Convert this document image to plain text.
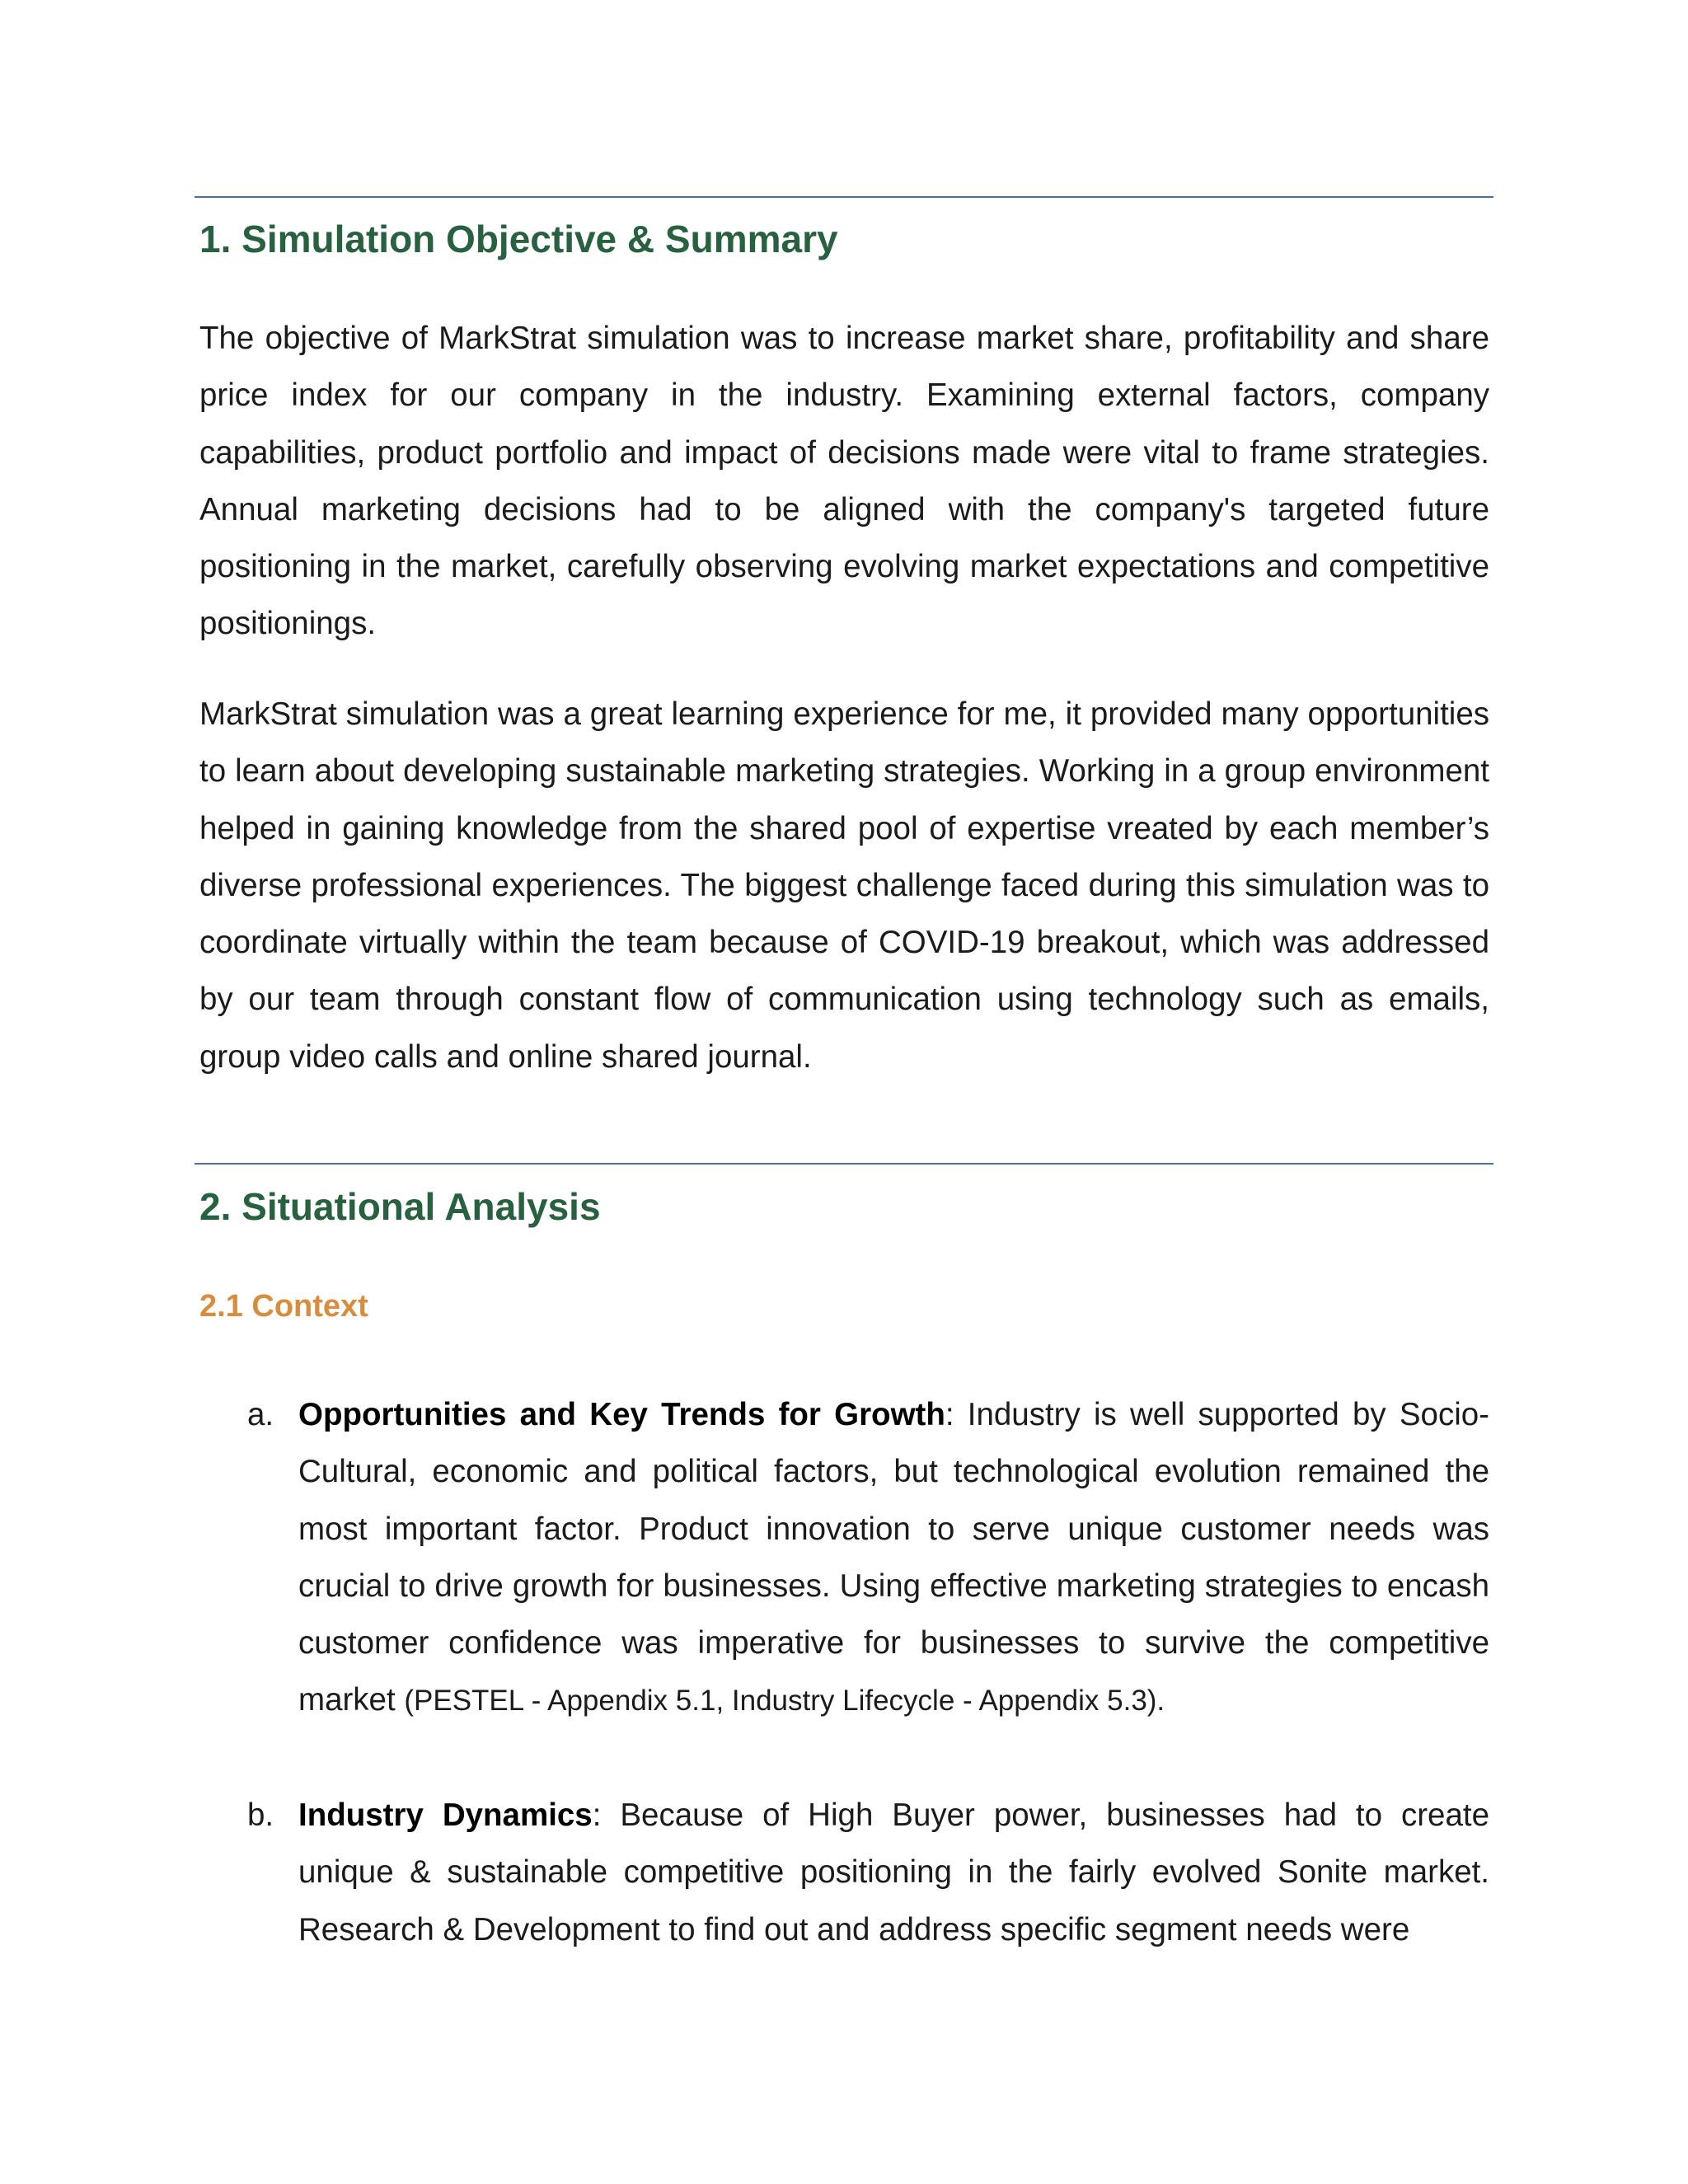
1. Simulation Objective & Summary

The objective of MarkStrat simulation was to increase market share, profitability and share price index for our company in the industry. Examining external factors, company capabilities, product portfolio and impact of decisions made were vital to frame strategies. Annual marketing decisions had to be aligned with the company's targeted future positioning in the market, carefully observing evolving market expectations and competitive positionings.

MarkStrat simulation was a great learning experience for me, it provided many opportunities to learn about developing sustainable marketing strategies. Working in a group environment helped in gaining knowledge from the shared pool of expertise vreated by each member’s diverse professional experiences. The biggest challenge faced during this simulation was to coordinate virtually within the team because of COVID-19 breakout, which was addressed by our team through constant flow of communication using technology such as emails, group video calls and online shared journal.

2. Situational Analysis
2.1 Context
a. Opportunities and Key Trends for Growth: Industry is well supported by Socio-Cultural, economic and political factors, but technological evolution remained the most important factor. Product innovation to serve unique customer needs was crucial to drive growth for businesses. Using effective marketing strategies to encash customer confidence was imperative for businesses to survive the competitive market (PESTEL - Appendix 5.1, Industry Lifecycle - Appendix 5.3).

b. Industry Dynamics: Because of High Buyer power, businesses had to create unique & sustainable competitive positioning in the fairly evolved Sonite market. Research & Development to find out and address specific segment needs were
